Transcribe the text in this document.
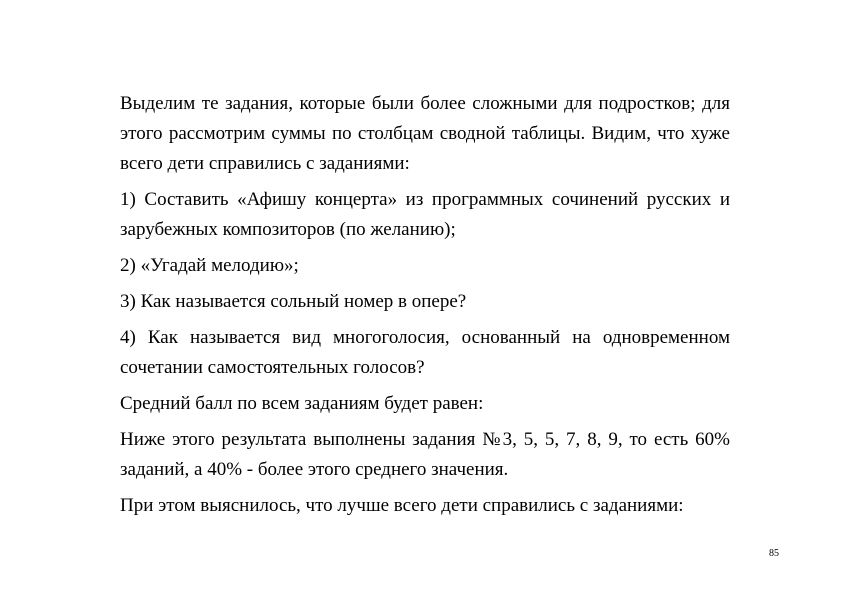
Выделим те задания, которые были более сложными для подростков; для этого рассмотрим суммы по столбцам сводной таблицы. Видим, что хуже всего дети справились с заданиями:

1) Составить «Афишу концерта» из программных сочинений русских и зарубежных композиторов (по желанию);

2) «Угадай мелодию»;

3) Как называется сольный номер в опере?

4) Как называется вид многоголосия, основанный на одновременном сочетании самостоятельных голосов?

Средний балл по всем заданиям будет равен:

Ниже этого результата выполнены задания №3, 5, 5, 7, 8, 9, то есть 60% заданий, а 40% - более этого среднего значения.

При этом выяснилось, что лучше всего дети справились с заданиями:

85
